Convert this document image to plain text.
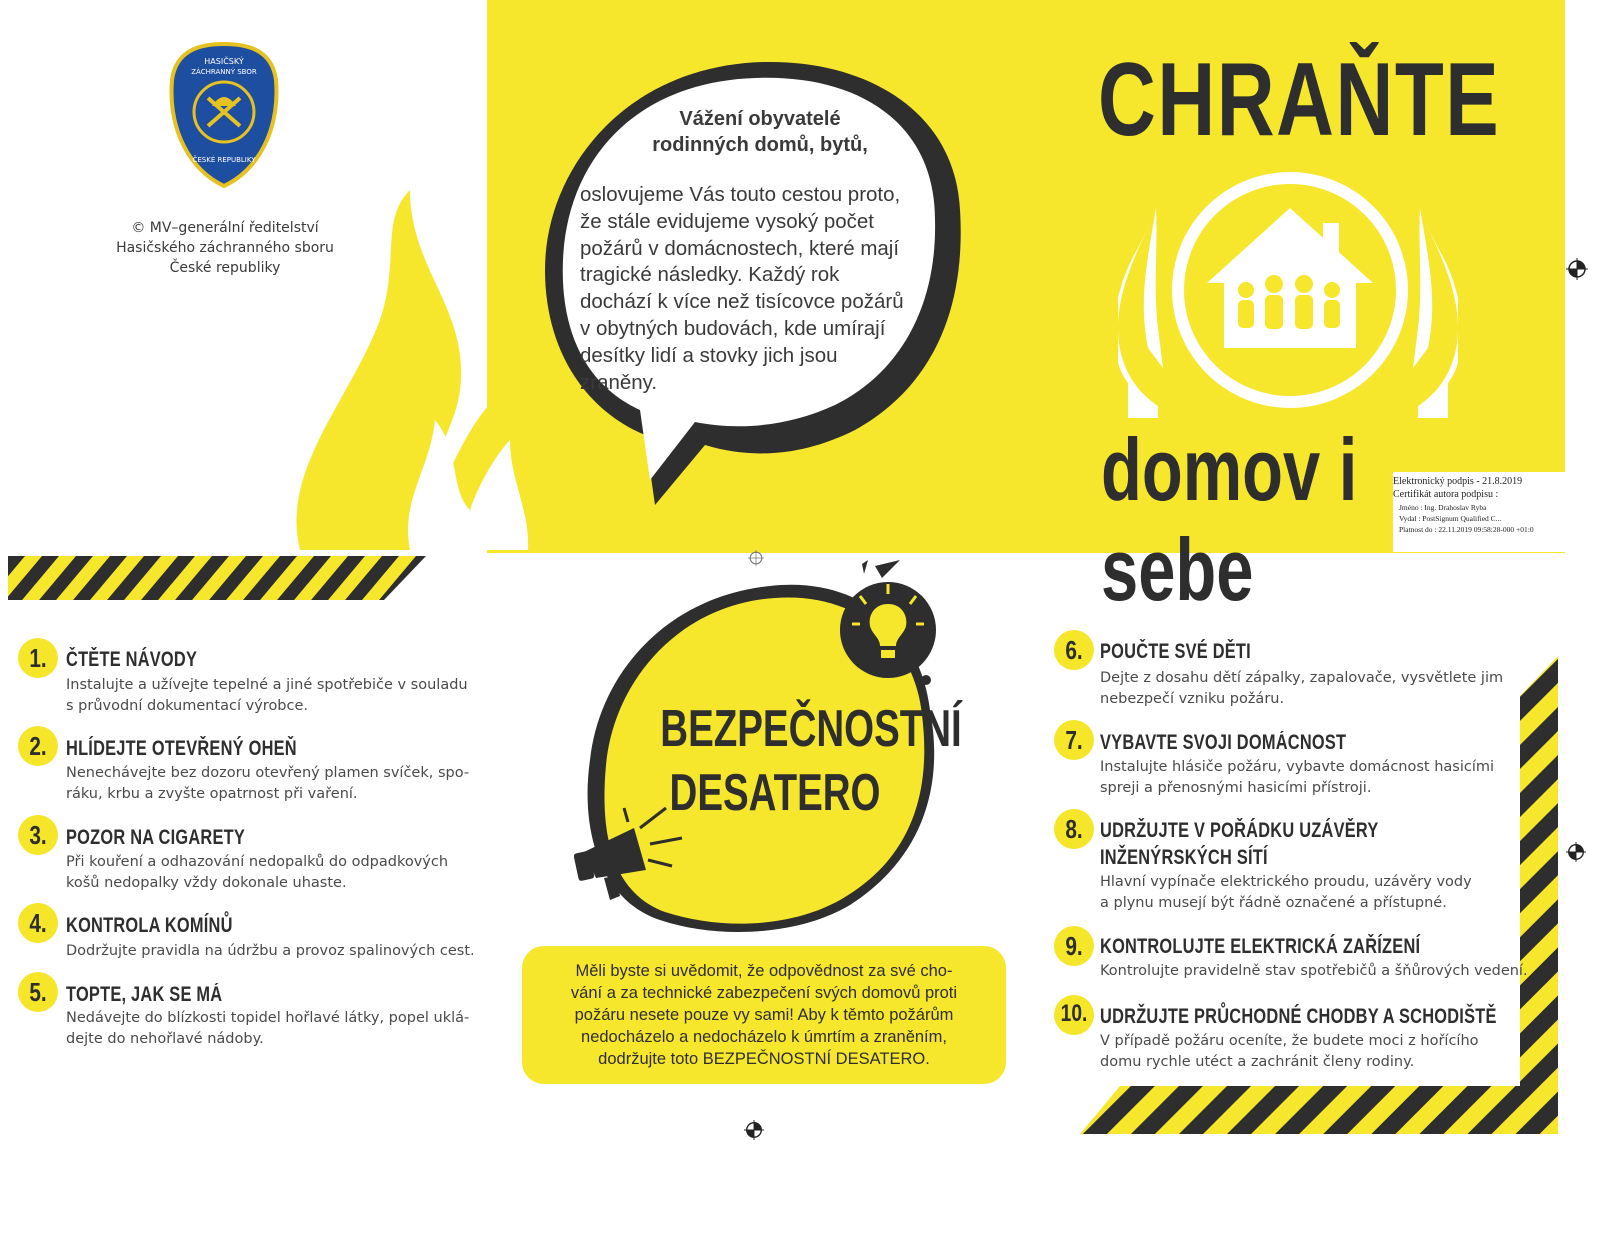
HASIČSKÝ
ZÁCHRANNÝ SBOR
ČESKÉ REPUBLIKY
© MV–generální ředitelství
Hasičského záchranného sboru
České republiky
Vážení obyvatelé
rodinných domů, bytů,
oslovujeme Vás touto cestou proto,
že stále evidujeme vysoký počet
požárů v domácnostech, které mají
tragické následky. Každý rok
dochází k více než tisícovce požárů
v obytných budovách, kde umírají
desítky lidí a stovky jich jsou
zraněny.
CHRAŇTE
domov i sebe
Elektronický podpis - 21.8.2019
Certifikát autora podpisu :
Jméno : Ing. Drahoslav Ryba
Vydal : PostSignum Qualified C...
Platnost do : 22.11.2019 09:58:28-000 +01:0
BEZPEČNOSTNÍ
DESATERO
Měli byste si uvědomit, že odpovědnost za své cho-
vání a za technické zabezpečení svých domovů proti
požáru nesete pouze vy sami! Aby k těmto požárům
nedocházelo a nedocházelo k úmrtím a zraněním,
dodržujte toto BEZPEČNOSTNÍ DESATERO.
1. ČTĚTE NÁVODY
Instalujte a užívejte tepelné a jiné spotřebiče v souladu
s průvodní dokumentací výrobce.
2. HLÍDEJTE OTEVŘENÝ OHEŇ
Nenechávejte bez dozoru otevřený plamen svíček, spo-
ráku, krbu a zvyšte opatrnost při vaření.
3. POZOR NA CIGARETY
Při kouření a odhazování nedopalků do odpadkových
košů nedopalky vždy dokonale uhaste.
4. KONTROLA KOMÍNŮ
Dodržujte pravidla na údržbu a provoz spalinových cest.
5. TOPTE, JAK SE MÁ
Nedávejte do blízkosti topidel hořlavé látky, popel uklá-
dejte do nehořlavé nádoby.
6. POUČTE SVÉ DĚTI
Dejte z dosahu dětí zápalky, zapalovače, vysvětlete jim
nebezpečí vzniku požáru.
7. VYBAVTE SVOJI DOMÁCNOST
Instalujte hlásiče požáru, vybavte domácnost hasicími
spreji a přenosnými hasicími přístroji.
8. UDRŽUJTE V POŘÁDKU UZÁVĚRY
INŽENÝRSKÝCH SÍTÍ
Hlavní vypínače elektrického proudu, uzávěry vody
a plynu musejí být řádně označené a přístupné.
9. KONTROLUJTE ELEKTRICKÁ ZAŘÍZENÍ
Kontrolujte pravidelně stav spotřebičů a šňůrových vedení.
10. UDRŽUJTE PRŮCHODNÉ CHODBY A SCHODIŠTĚ
V případě požáru oceníte, že budete moci z hořícího
domu rychle utéct a zachránit členy rodiny.
